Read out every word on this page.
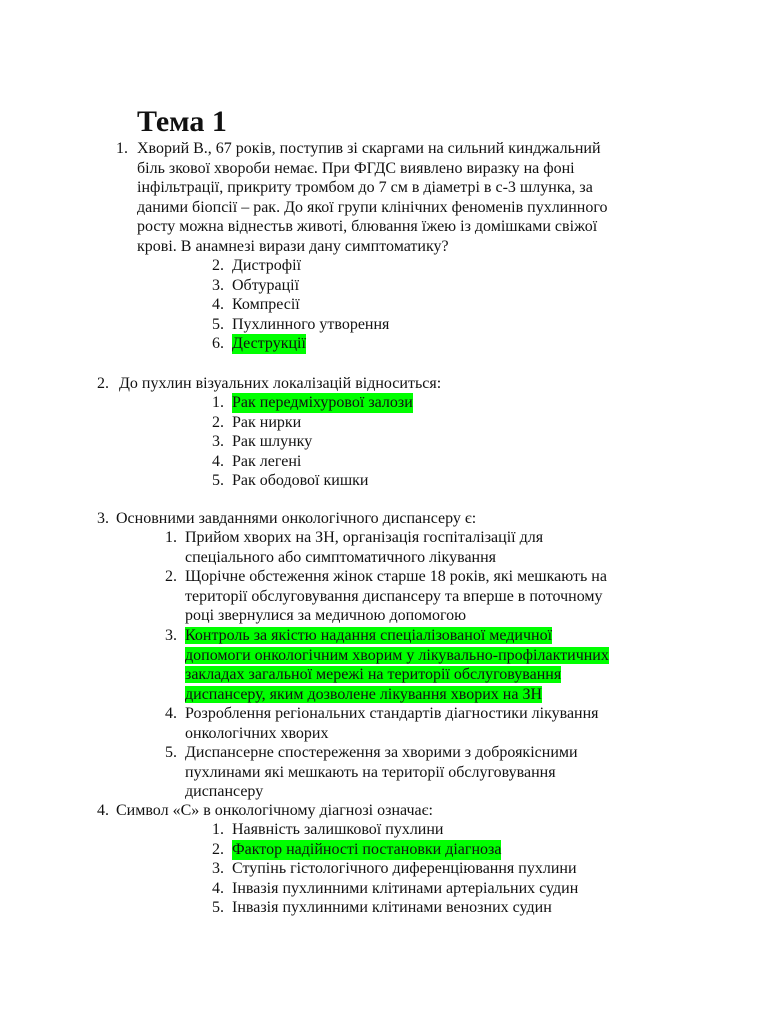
Тема 1
1. Хворий В., 67 років, поступив зі скаргами на сильний кинджальний
біль зкової хвороби немає. При ФГДС виявлено виразку на фоні
інфільтрації, прикриту тромбом до 7 см в діаметрі в с-3 шлунка, за
даними біопсії – рак. До якої групи клінічних феноменів пухлинного
росту можна віднестьв животі, блювання їжею із домішками свіжої
крові. В анамнезі вирази дану симптоматику?
2. Дистрофії
3. Обтурації
4. Компресії
5. Пухлинного утворення
6. Деструкції
2. До пухлин візуальних локалізацій відноситься:
1. Рак передміхурової залози
2. Рак нирки
3. Рак шлунку
4. Рак легені
5. Рак ободової кишки
3. Основними завданнями онкологічного диспансеру є:
1. Прийом хворих на ЗН, організація госпіталізації для
спеціального або симптоматичного лікування
2. Щорічне обстеження жінок старше 18 років, які мешкають на
території обслуговування диспансеру та вперше в поточному
році звернулися за медичною допомогою
3. Контроль за якістю надання спеціалізованої медичної
допомоги онкологічним хворим у лікувально-профілактичних
закладах загальної мережі на території обслуговування
диспансеру, яким дозволене лікування хворих на ЗН
4. Розроблення регіональних стандартів діагностики лікування
онкологічних хворих
5. Диспансерне спостереження за хворими з доброякісними
пухлинами які мешкають на території обслуговування
диспансеру
4. Символ «С» в онкологічному діагнозі означає:
1. Наявність залишкової пухлини
2. Фактор надійності постановки діагноза
3. Ступінь гістологічного диференціювання пухлини
4. Інвазія пухлинними клітинами артеріальних судин
5. Інвазія пухлинними клітинами венозних судин
